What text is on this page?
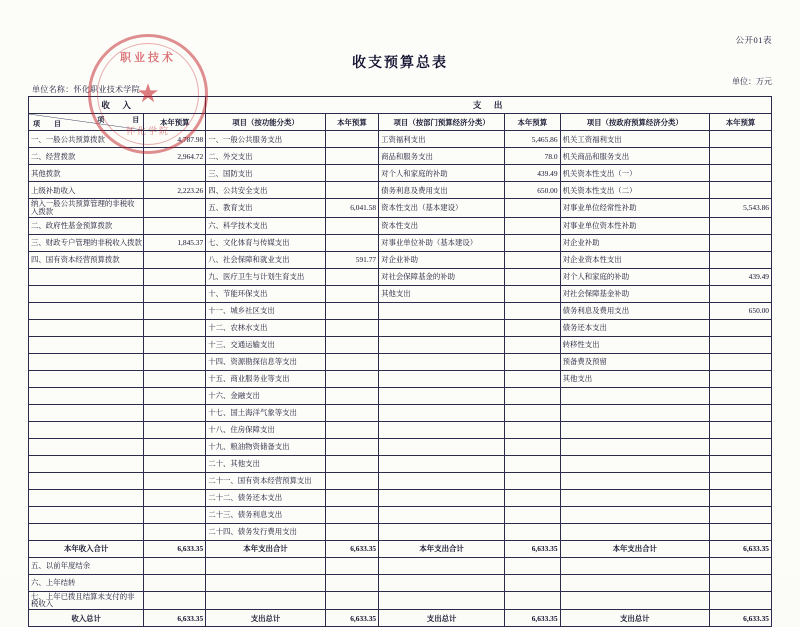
公开01表
收支预算总表
单位：万元
单位名称：怀化职业技术学院
职业技术
★
怀化学院
收　入		支　出					

项　　　　目
项　　目	本年预算	项目（按功能分类）	本年预算	项目（按部门预算经济分类）	本年预算	项目（按政府预算经济分类）	本年预算
一、一般公共预算拨款	4,787.98	一、一般公共服务支出		工资福利支出	5,465.86	机关工资福利支出	
二、经营拨款	2,964.72	二、外交支出		商品和服务支出	78.0	机关商品和服务支出	
其他拨款		三、国防支出		对个人和家庭的补助	439.49	机关资本性支出（一）	
上级补助收入	2,223.26	四、公共安全支出		债务利息及费用支出	650.00	机关资本性支出（二）	
纳入一般公共预算管理的非税收入拨款		五、教育支出	6,041.58	资本性支出（基本建设）		对事业单位经常性补助	5,543.86
二、政府性基金预算拨款		六、科学技术支出		资本性支出		对事业单位资本性补助	
三、财政专户管理的非税收入拨款	1,845.37	七、文化体育与传媒支出		对事业单位补助（基本建设）		对企业补助	
四、国有资本经营预算拨款		八、社会保障和就业支出	591.77	对企业补助		对企业资本性支出	
		九、医疗卫生与计划生育支出		对社会保障基金的补助		对个人和家庭的补助	439.49
		十、节能环保支出		其他支出		对社会保障基金补助	
		十一、城乡社区支出				债务利息及费用支出	650.00
		十二、农林水支出				债务还本支出	
		十三、交通运输支出				转移性支出	
		十四、资源勘探信息等支出				预备费及预留	
		十五、商业服务业等支出				其他支出	
		十六、金融支出					
		十七、国土海洋气象等支出					
		十八、住房保障支出					
		十九、粮油物资储备支出					
		二十、其他支出					
		二十一、国有资本经营预算支出					
		二十二、债务还本支出					
		二十三、债务利息支出					
		二十四、债务发行费用支出					
本年收入合计	6,633.35	本年支出合计	6,633.35	本年支出合计	6,633.35	本年支出合计	6,633.35
五、以前年度结余							
六、上年结转							
七、上年已拨且结算未支付的非税收入							
收入总计	6,633.35	支出总计	6,633.35	支出总计	6,633.35	支出总计	6,633.35
